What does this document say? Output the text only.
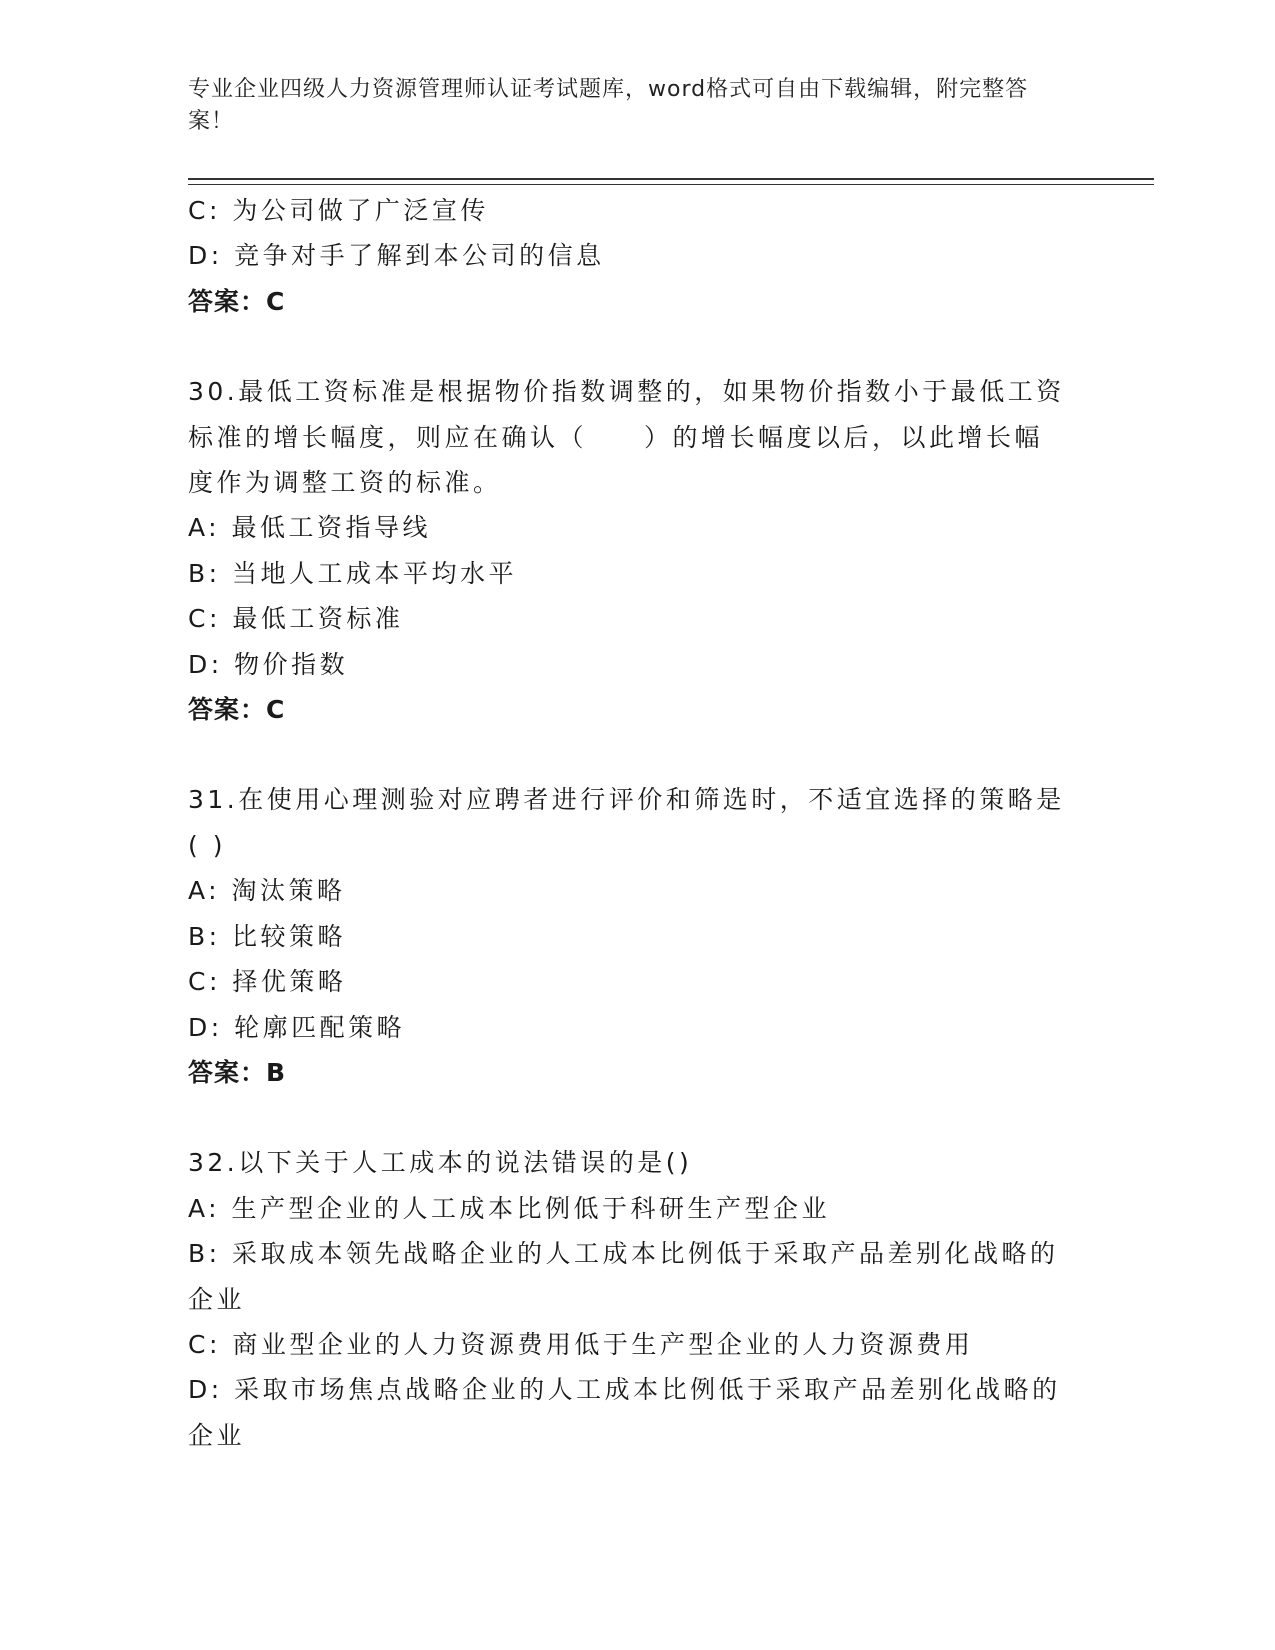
专业企业四级人力资源管理师认证考试题库，word格式可自由下载编辑，附完整答案！
C: 为公司做了广泛宣传
D: 竞争对手了解到本公司的信息
答案：C
30.最低工资标准是根据物价指数调整的，如果物价指数小于最低工资
标准的增长幅度，则应在确认（　　）的增长幅度以后，以此增长幅
度作为调整工资的标准。
A: 最低工资指导线
B: 当地人工成本平均水平
C: 最低工资标准
D: 物价指数
答案：C
31.在使用心理测验对应聘者进行评价和筛选时，不适宜选择的策略是
( )
A: 淘汰策略
B: 比较策略
C: 择优策略
D: 轮廓匹配策略
答案：B
32.以下关于人工成本的说法错误的是()
A: 生产型企业的人工成本比例低于科研生产型企业
B: 采取成本领先战略企业的人工成本比例低于采取产品差别化战略的
企业
C: 商业型企业的人力资源费用低于生产型企业的人力资源费用
D: 采取市场焦点战略企业的人工成本比例低于采取产品差别化战略的
企业
